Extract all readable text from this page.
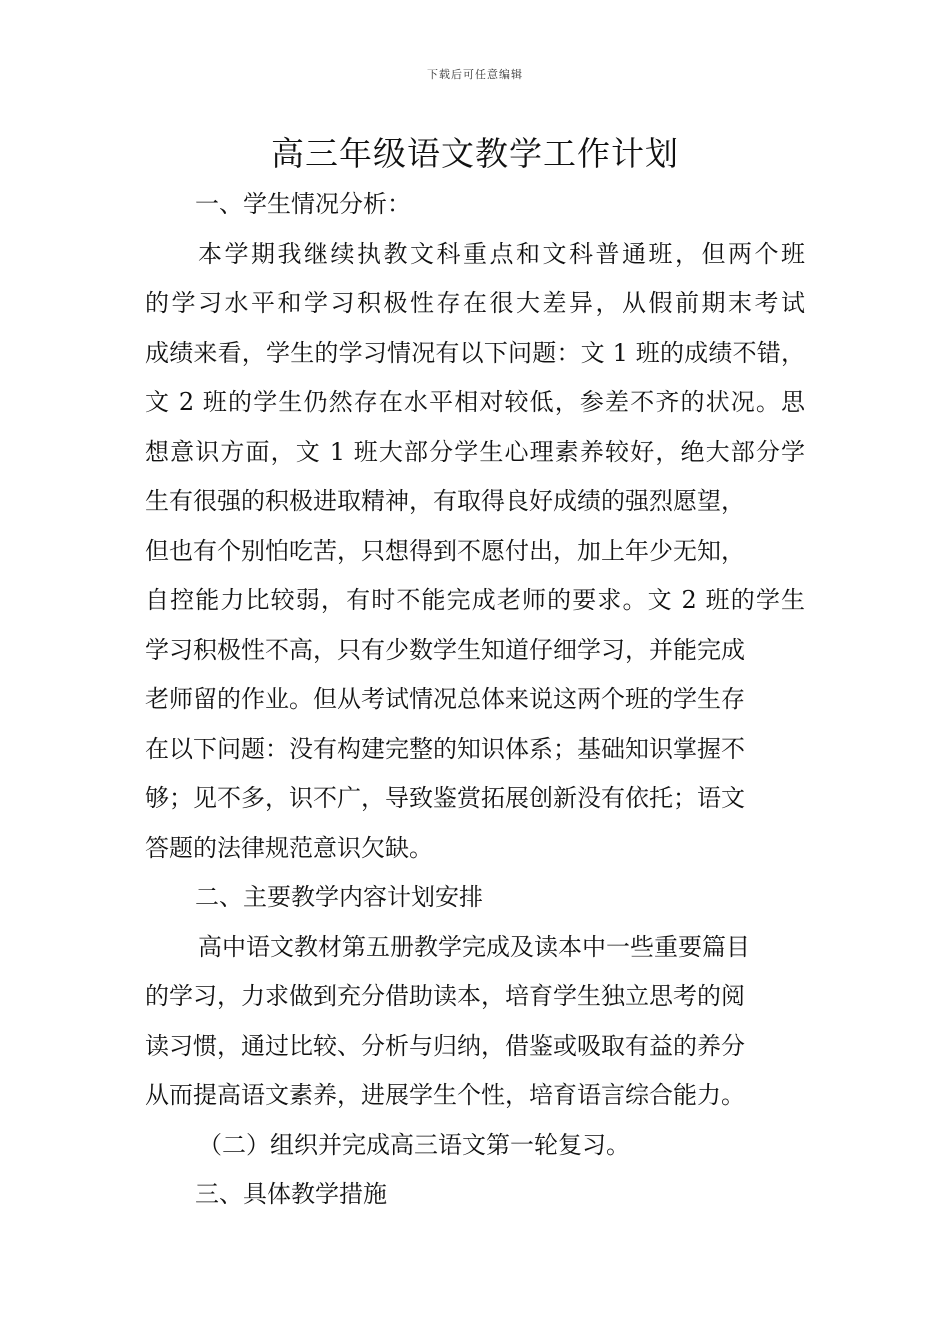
下载后可任意编辑
高三年级语文教学工作计划
一、学生情况分析：
本学期我继续执教文科重点和文科普通班，但两个班
的学习水平和学习积极性存在很大差异，从假前期末考试
成绩来看，学生的学习情况有以下问题：文 1 班的成绩不错，
文 2 班的学生仍然存在水平相对较低，参差不齐的状况。思
想意识方面，文 1 班大部分学生心理素养较好，绝大部分学
生有很强的积极进取精神，有取得良好成绩的强烈愿望，
但也有个别怕吃苦，只想得到不愿付出，加上年少无知，
自控能力比较弱，有时不能完成老师的要求。文 2 班的学生
学习积极性不高，只有少数学生知道仔细学习，并能完成
老师留的作业。但从考试情况总体来说这两个班的学生存
在以下问题：没有构建完整的知识体系；基础知识掌握不
够；见不多，识不广，导致鉴赏拓展创新没有依托；语文
答题的法律规范意识欠缺。
二、主要教学内容计划安排
高中语文教材第五册教学完成及读本中一些重要篇目
的学习，力求做到充分借助读本，培育学生独立思考的阅
读习惯，通过比较、分析与归纳，借鉴或吸取有益的养分
从而提高语文素养，进展学生个性，培育语言综合能力。
（二）组织并完成高三语文第一轮复习。
三、具体教学措施
